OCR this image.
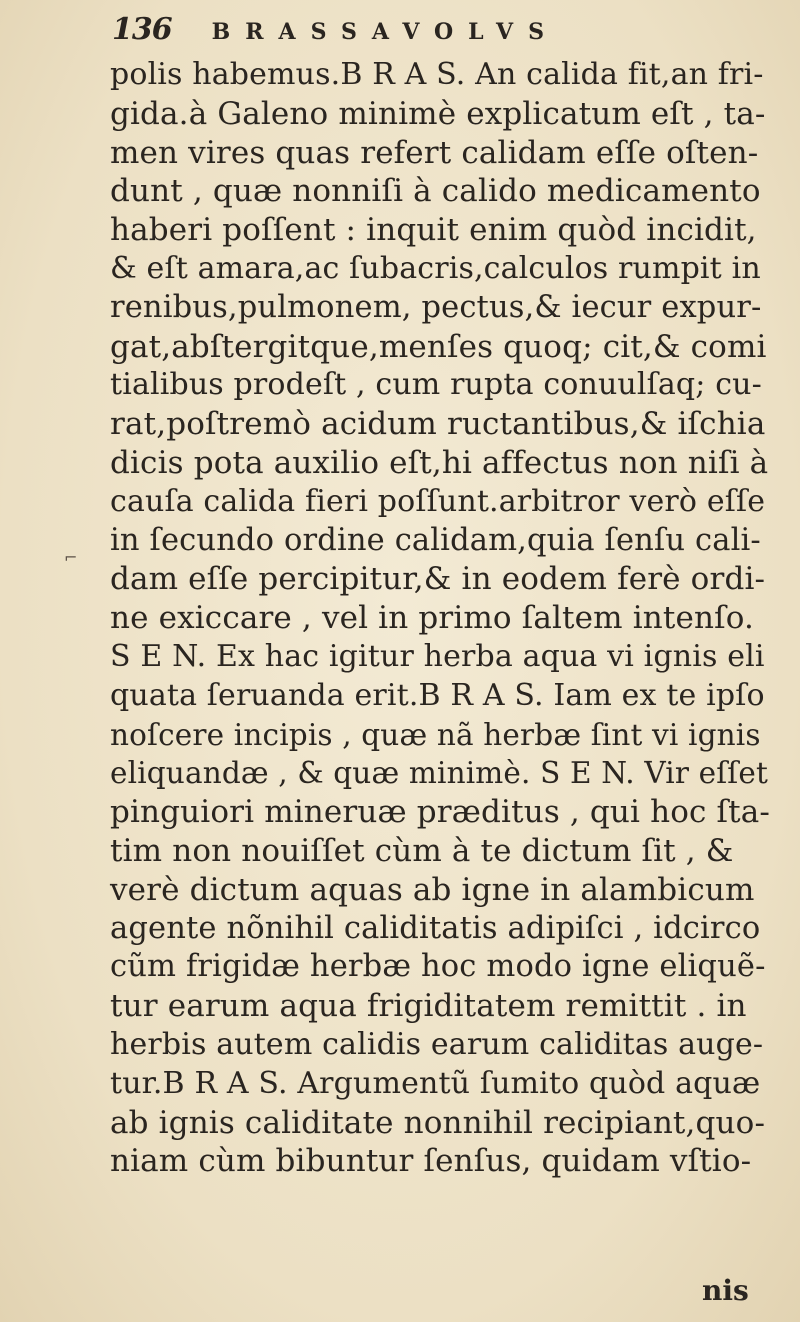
136 BRASSAVOLVS
⌐
polis habemus.B R A S. An calida fit,an fri-
gida.à Galeno minimè explicatum eſt , ta-
men vires quas refert calidam eſſe oſten-
dunt , quæ nonniſi à calido medicamento
haberi poſſent : inquit enim quòd incidit,
& eſt amara,ac ſubacris,calculos rumpit in
renibus,pulmonem, pectus,& iecur expur-
gat,abſtergitque,menſes quoq; cit,& comi
tialibus prodeſt , cum rupta conuulſaq; cu-
rat,poſtremò acidum ructantibus,& iſchia
dicis pota auxilio eſt,hi affectus non niſi à
cauſa calida fieri poſſunt.arbitror verò eſſe
in ſecundo ordine calidam,quia ſenſu cali-
dam eſſe percipitur,& in eodem ferè ordi-
ne exiccare , vel in primo ſaltem intenſo.
S E N. Ex hac igitur herba aqua vi ignis eli
quata ſeruanda erit.B R A S. Iam ex te ipſo
noſcere incipis , quæ nã herbæ ſint vi ignis
eliquandæ , & quæ minimè. S E N. Vir eſſet
pinguiori mineruæ præditus , qui hoc ſta-
tim non nouiſſet cùm à te dictum ſit , &
verè dictum aquas ab igne in alambicum
agente nõnihil caliditatis adipiſci , idcirco
cũm frigidæ herbæ hoc modo igne eliquẽ-
tur earum aqua frigiditatem remittit . in
herbis autem calidis earum caliditas auge-
tur.B R A S. Argumentũ ſumito quòd aquæ
ab ignis caliditate nonnihil recipiant,quo-
niam cùm bibuntur ſenſus, quidam vſtio-
nis
